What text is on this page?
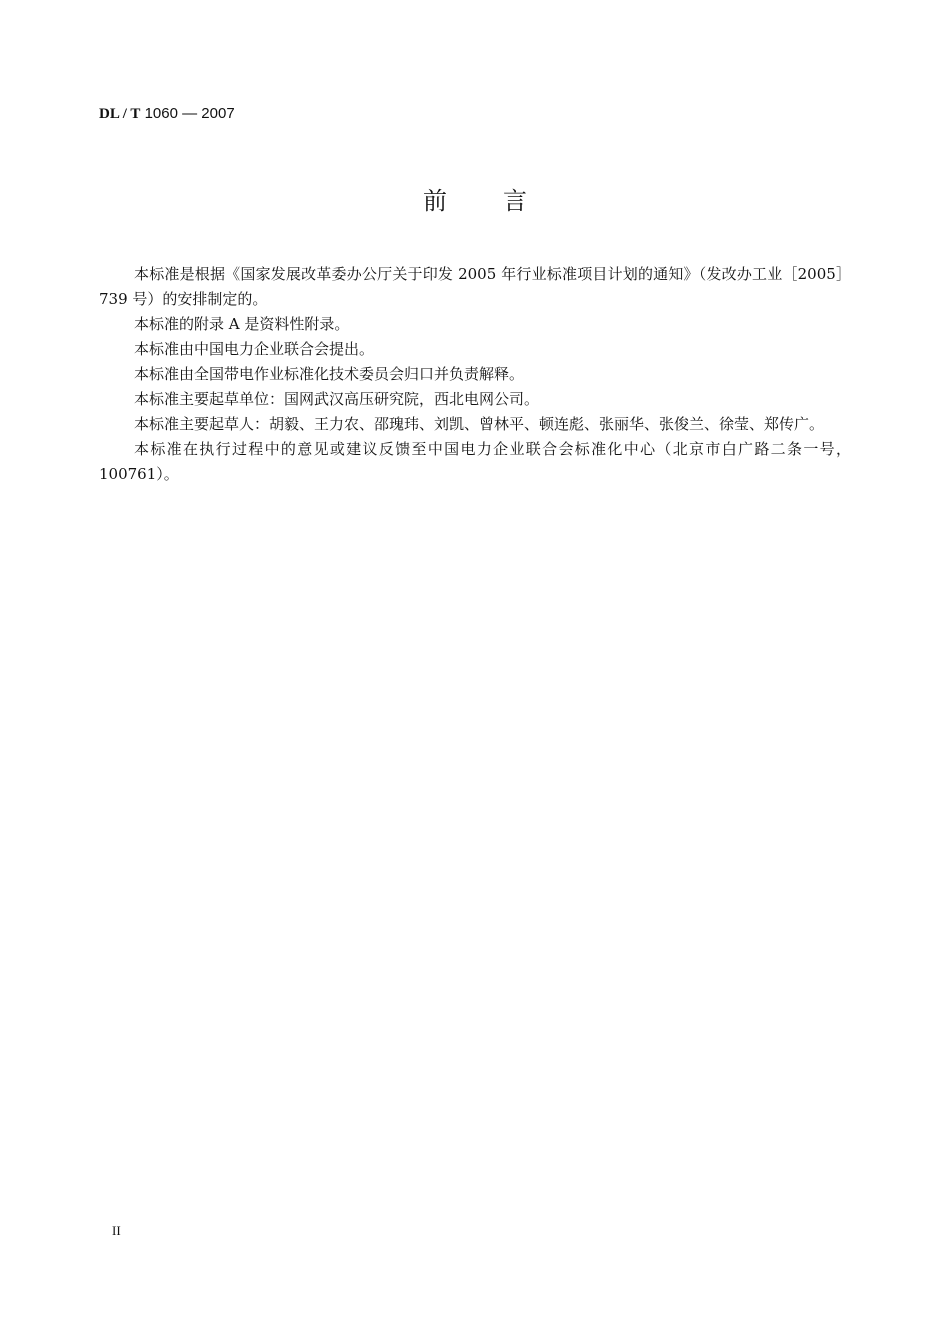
DL / T 1060 — 2007
前言

本标准是根据《国家发展改革委办公厅关于印发 2005 年行业标准项目计划的通知》（发改办工业［2005］739 号）的安排制定的。

本标准的附录 A 是资料性附录。

本标准由中国电力企业联合会提出。

本标准由全国带电作业标准化技术委员会归口并负责解释。

本标准主要起草单位：国网武汉高压研究院，西北电网公司。

本标准主要起草人：胡毅、王力农、邵瑰玮、刘凯、曾林平、顿连彪、张丽华、张俊兰、徐莹、郑传广。

本标准在执行过程中的意见或建议反馈至中国电力企业联合会标准化中心（北京市白广路二条一号，100761）。

II
